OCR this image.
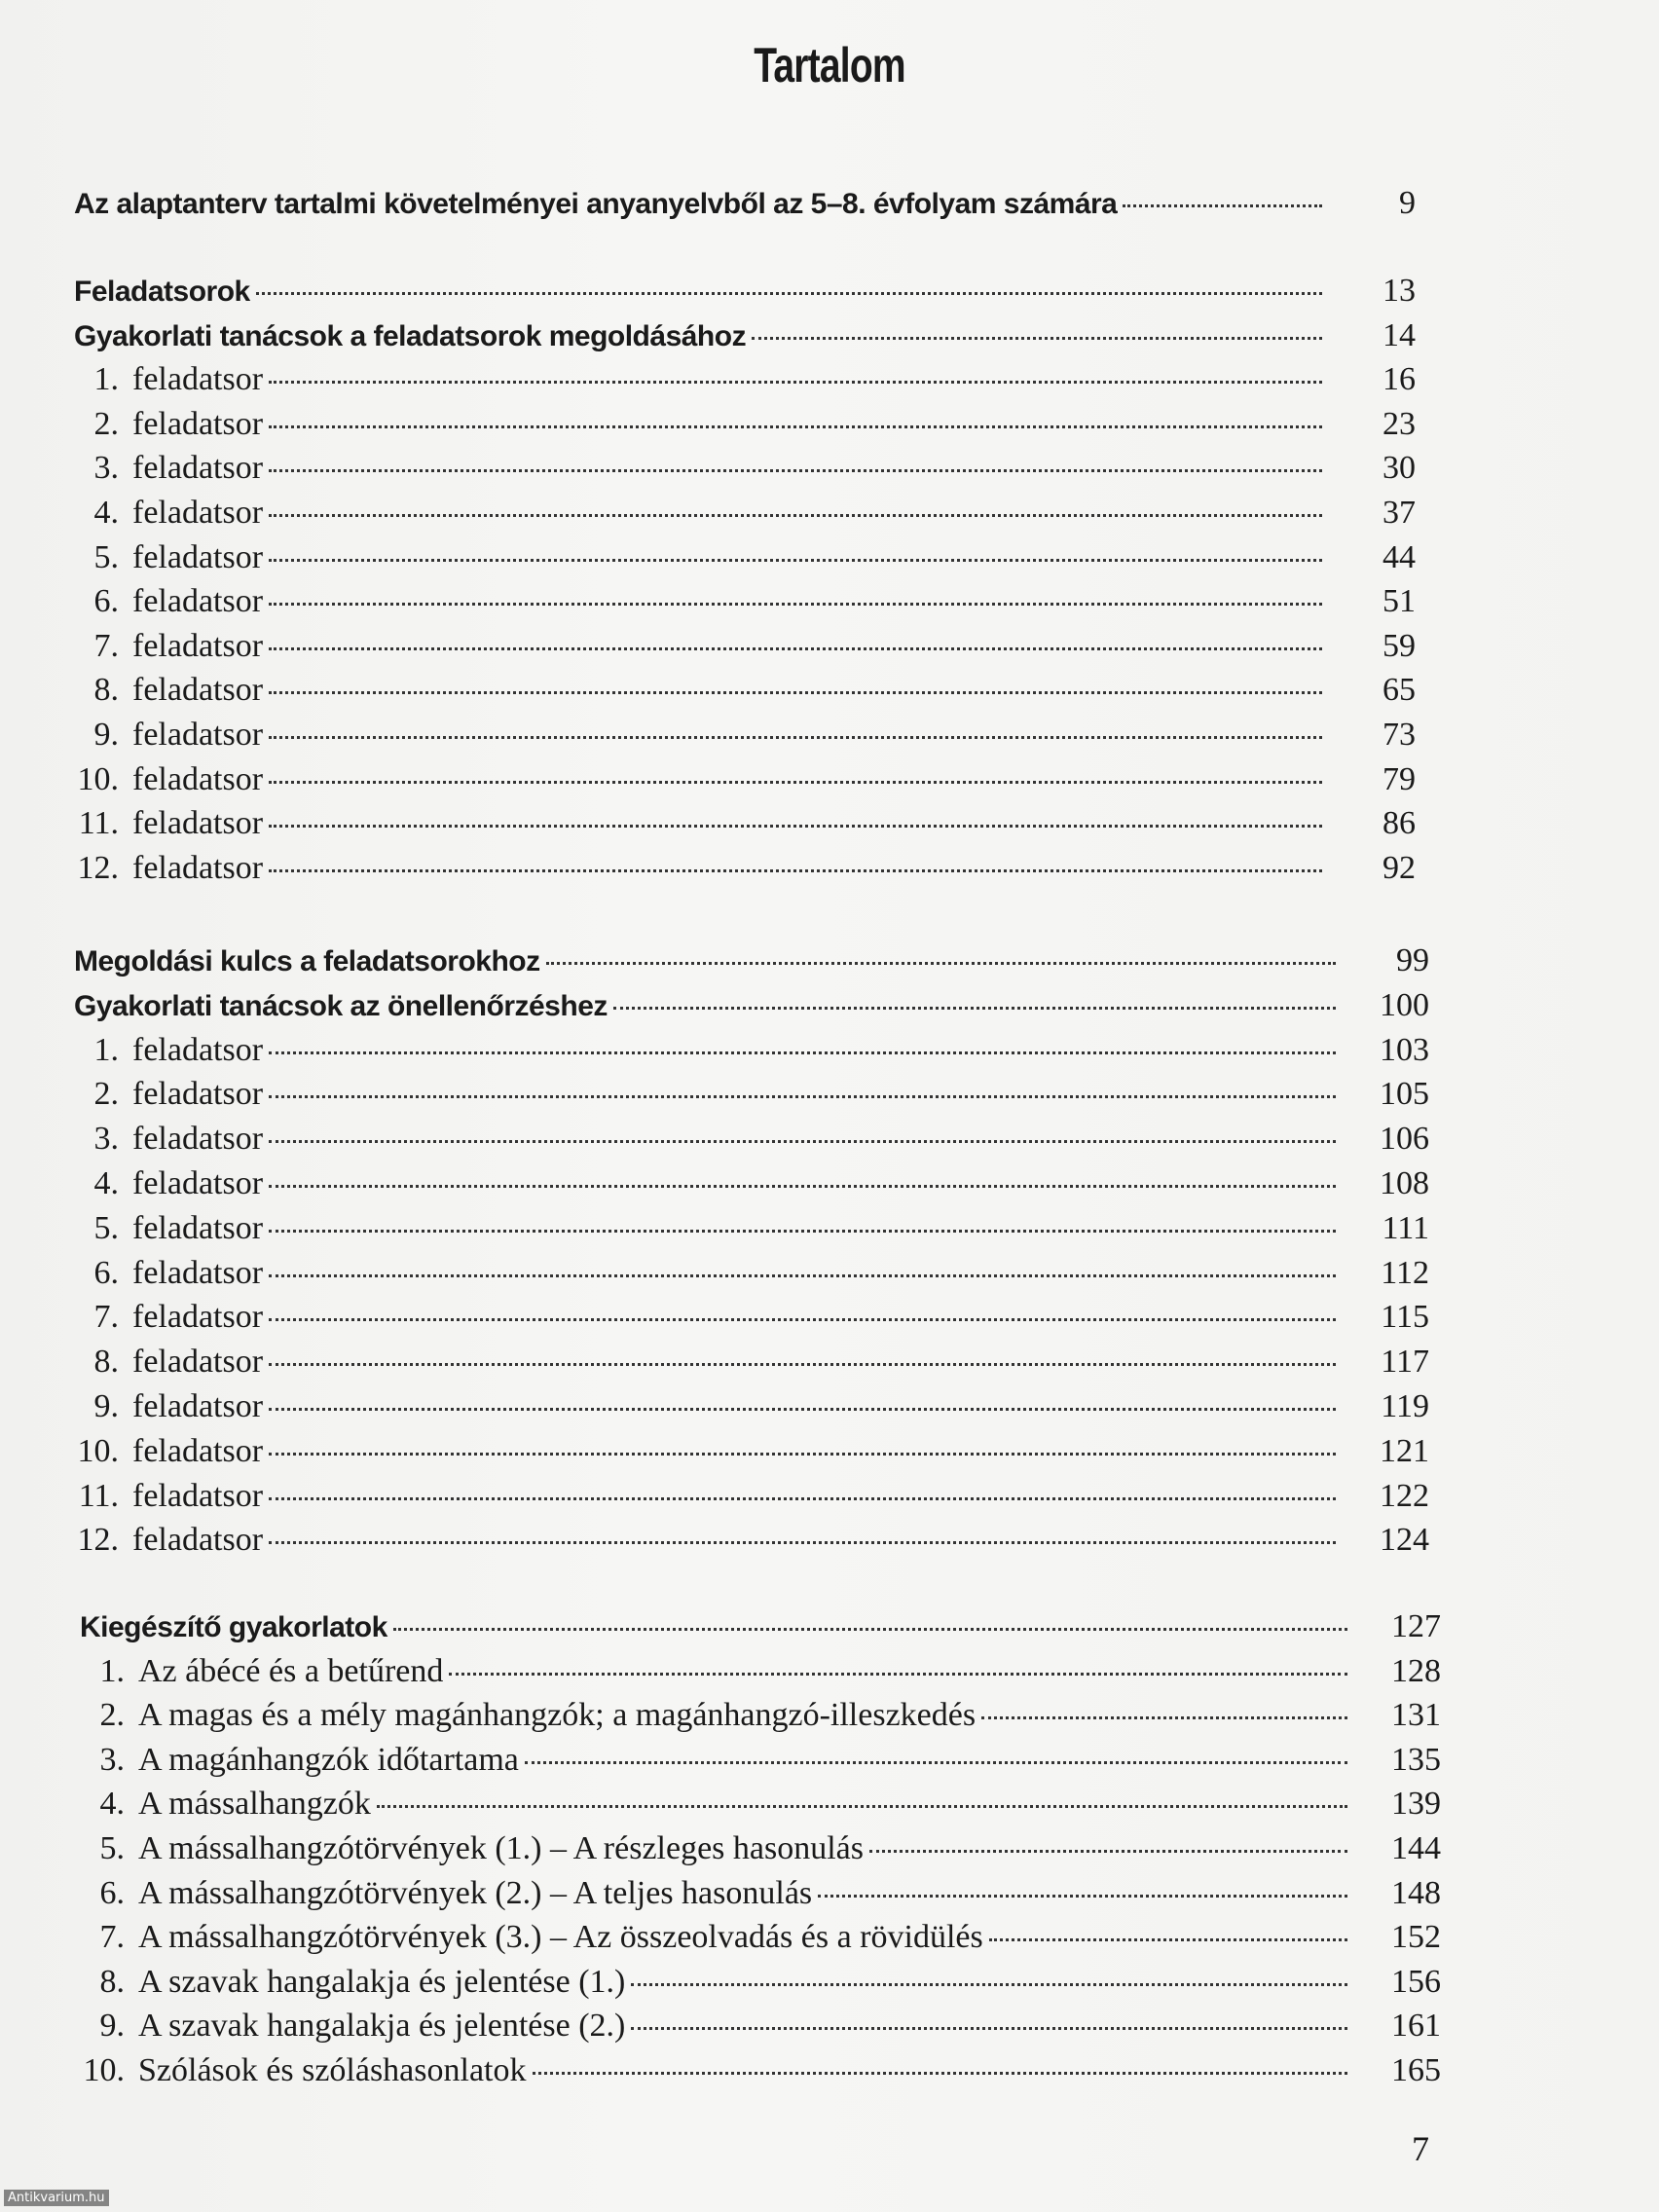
Tartalom
Az alaptanterv tartalmi követelményei anyanyelvből az 5–8. évfolyam számára	9
Feladatsorok	13
Gyakorlati tanácsok a feladatsorok megoldásához	14
1. feladatsor	16
2. feladatsor	23
3. feladatsor	30
4. feladatsor	37
5. feladatsor	44
6. feladatsor	51
7. feladatsor	59
8. feladatsor	65
9. feladatsor	73
10. feladatsor	79
11. feladatsor	86
12. feladatsor	92
Megoldási kulcs a feladatsorokhoz	99
Gyakorlati tanácsok az önellenőrzéshez	100
1. feladatsor	103
2. feladatsor	105
3. feladatsor	106
4. feladatsor	108
5. feladatsor	111
6. feladatsor	112
7. feladatsor	115
8. feladatsor	117
9. feladatsor	119
10. feladatsor	121
11. feladatsor	122
12. feladatsor	124
Kiegészítő gyakorlatok	127
1. Az ábécé és a betűrend	128
2. A magas és a mély magánhangzók; a magánhangzó-illeszkedés	131
3. A magánhangzók időtartama	135
4. A mássalhangzók	139
5. A mássalhangzótörvények (1.) – A részleges hasonulás	144
6. A mássalhangzótörvények (2.) – A teljes hasonulás	148
7. A mássalhangzótörvények (3.) – Az összeolvadás és a rövidülés	152
8. A szavak hangalakja és jelentése (1.)	156
9. A szavak hangalakja és jelentése (2.)	161
10. Szólások és szóláshasonlatok	165
7
Antikvarium.hu
